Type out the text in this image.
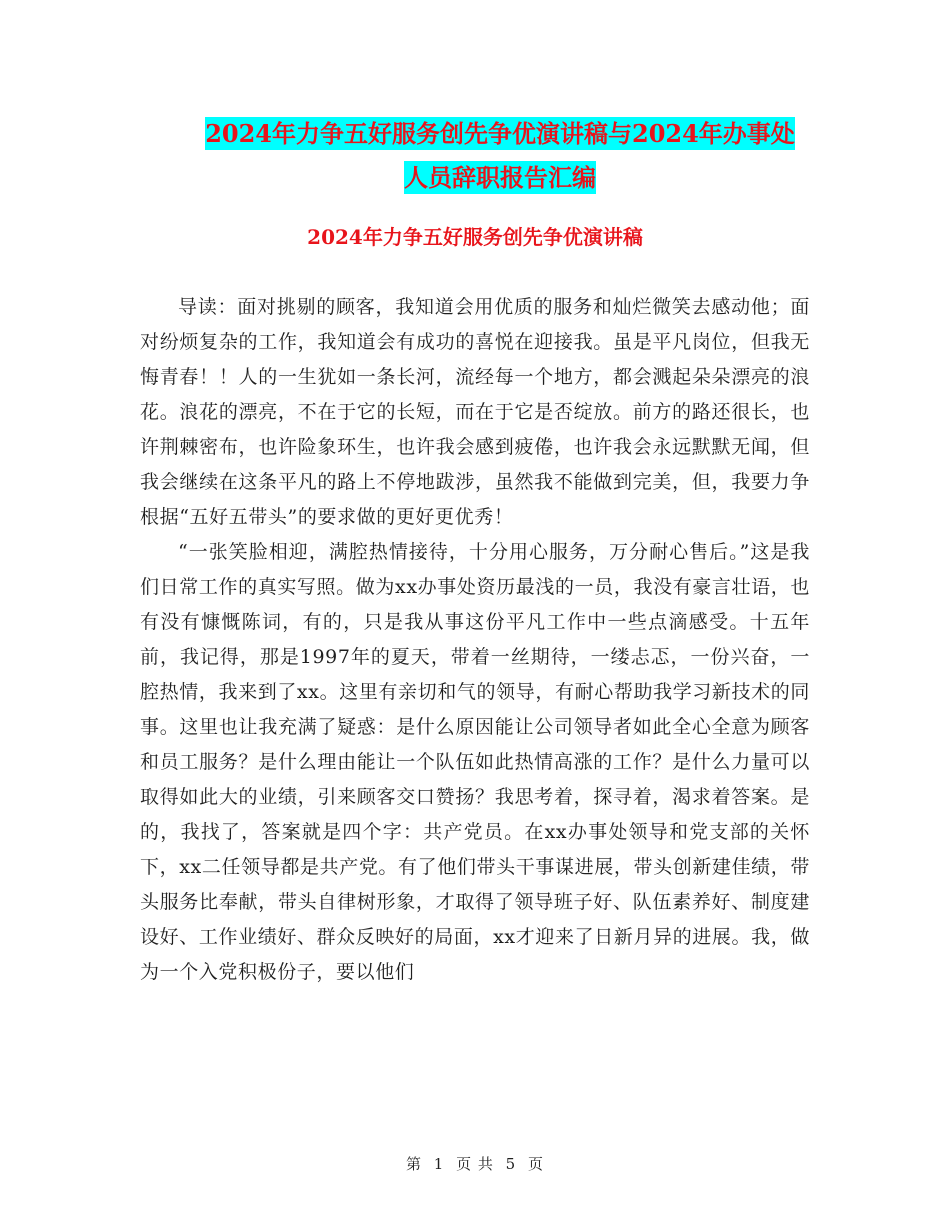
2024年力争五好服务创先争优演讲稿与2024年办事处
人员辞职报告汇编
2024年力争五好服务创先争优演讲稿

导读：面对挑剔的顾客，我知道会用优质的服务和灿烂微笑去感动他；面对纷烦复杂的工作，我知道会有成功的喜悦在迎接我。虽是平凡岗位，但我无悔青春！！人的一生犹如一条长河，流经每一个地方，都会溅起朵朵漂亮的浪花。浪花的漂亮，不在于它的长短，而在于它是否绽放。前方的路还很长，也许荆棘密布，也许险象环生，也许我会感到疲倦，也许我会永远默默无闻，但我会继续在这条平凡的路上不停地跋涉，虽然我不能做到完美，但，我要力争根据“五好五带头”的要求做的更好更优秀！

“一张笑脸相迎，满腔热情接待，十分用心服务，万分耐心售后。”这是我们日常工作的真实写照。做为xx办事处资历最浅的一员，我没有豪言壮语，也有没有慷慨陈词，有的，只是我从事这份平凡工作中一些点滴感受。十五年前，我记得，那是1997年的夏天，带着一丝期待，一缕忐忑，一份兴奋，一腔热情，我来到了xx。这里有亲切和气的领导，有耐心帮助我学习新技术的同事。这里也让我充满了疑惑：是什么原因能让公司领导者如此全心全意为顾客和员工服务？是什么理由能让一个队伍如此热情高涨的工作？是什么力量可以取得如此大的业绩，引来顾客交口赞扬？我思考着，探寻着，渴求着答案。是的，我找了，答案就是四个字：共产党员。在xx办事处领导和党支部的关怀下，xx二任领导都是共产党。有了他们带头干事谋进展，带头创新建佳绩，带头服务比奉献，带头自律树形象，才取得了领导班子好、队伍素养好、制度建设好、工作业绩好、群众反映好的局面，xx才迎来了日新月异的进展。我，做为一个入党积极份子，要以他们

第 1 页 共 5 页
